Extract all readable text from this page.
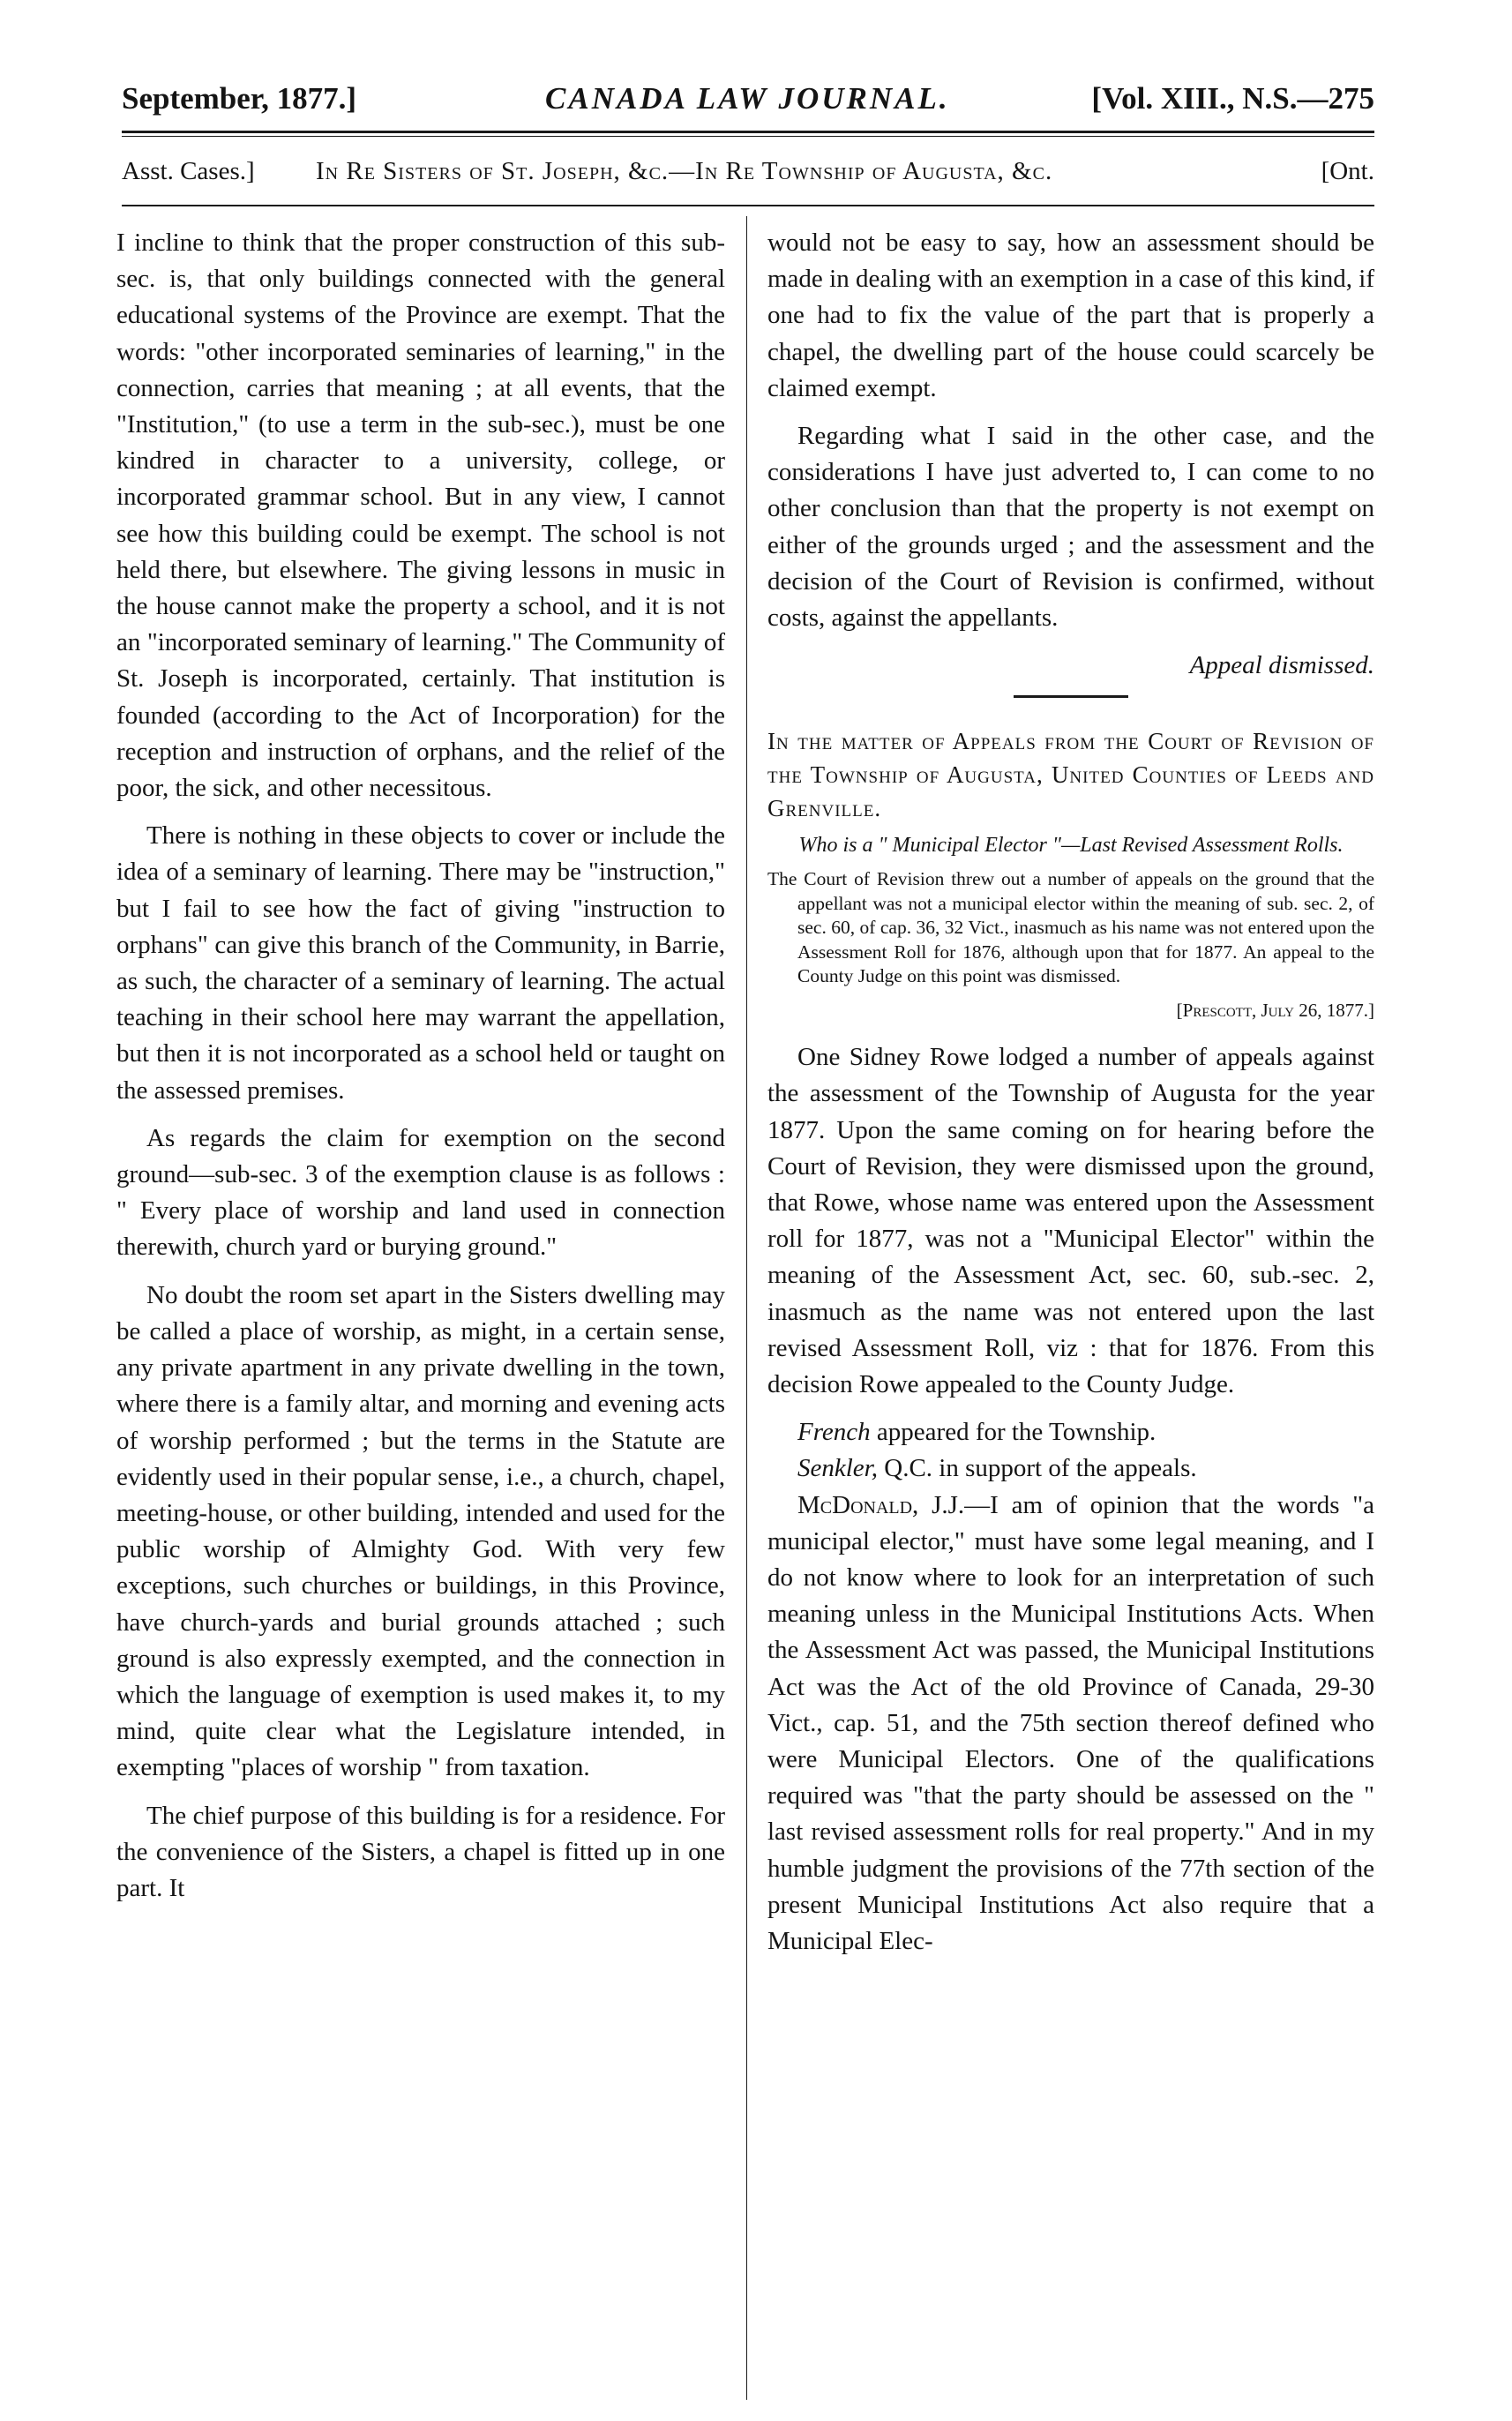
September, 1877.]	CANADA LAW JOURNAL.	[Vol. XIII., N.S.—275
Asst. Cases.] In Re Sisters of St. Joseph, &c.—In Re Township of Augusta, &c.	[Ont.

I incline to think that the proper construction of this sub-sec. is, that only buildings connected with the general educational systems of the Province are exempt. That the words: "other incorporated seminaries of learning," in the connection, carries that meaning ; at all events, that the "Institution," (to use a term in the sub-sec.), must be one kindred in character to a university, college, or incorporated grammar school. But in any view, I cannot see how this building could be exempt. The school is not held there, but elsewhere. The giving lessons in music in the house cannot make the property a school, and it is not an "incorporated seminary of learning." The Community of St. Joseph is incorporated, certainly. That institution is founded (according to the Act of Incorporation) for the reception and instruction of orphans, and the relief of the poor, the sick, and other necessitous.

There is nothing in these objects to cover or include the idea of a seminary of learning. There may be "instruction," but I fail to see how the fact of giving "instruction to orphans" can give this branch of the Community, in Barrie, as such, the character of a seminary of learning. The actual teaching in their school here may warrant the appellation, but then it is not incorporated as a school held or taught on the assessed premises.

As regards the claim for exemption on the second ground—sub-sec. 3 of the exemption clause is as follows : " Every place of worship and land used in connection therewith, church yard or burying ground."

No doubt the room set apart in the Sisters dwelling may be called a place of worship, as might, in a certain sense, any private apartment in any private dwelling in the town, where there is a family altar, and morning and evening acts of worship performed ; but the terms in the Statute are evidently used in their popular sense, i.e., a church, chapel, meeting-house, or other building, intended and used for the public worship of Almighty God. With very few exceptions, such churches or buildings, in this Province, have church-yards and burial grounds attached ; such ground is also expressly exempted, and the connection in which the language of exemption is used makes it, to my mind, quite clear what the Legislature intended, in exempting "places of worship " from taxation.

The chief purpose of this building is for a residence. For the convenience of the Sisters, a chapel is fitted up in one part. It

would not be easy to say, how an assessment should be made in dealing with an exemption in a case of this kind, if one had to fix the value of the part that is properly a chapel, the dwelling part of the house could scarcely be claimed exempt.

Regarding what I said in the other case, and the considerations I have just adverted to, I can come to no other conclusion than that the property is not exempt on either of the grounds urged ; and the assessment and the decision of the Court of Revision is confirmed, without costs, against the appellants.

Appeal dismissed.

In the matter of Appeals from the Court of Revision of the Township of Augusta, United Counties of Leeds and Grenville.
Who is a " Municipal Elector "—Last Revised Assessment Rolls.
The Court of Revision threw out a number of appeals on the ground that the appellant was not a municipal elector within the meaning of sub. sec. 2, of sec. 60, of cap. 36, 32 Vict., inasmuch as his name was not entered upon the Assessment Roll for 1876, although upon that for 1877. An appeal to the County Judge on this point was dismissed.
[Prescott, July 26, 1877.]

One Sidney Rowe lodged a number of appeals against the assessment of the Township of Augusta for the year 1877. Upon the same coming on for hearing before the Court of Revision, they were dismissed upon the ground, that Rowe, whose name was entered upon the Assessment roll for 1877, was not a "Municipal Elector" within the meaning of the Assessment Act, sec. 60, sub.-sec. 2, inasmuch as the name was not entered upon the last revised Assessment Roll, viz : that for 1876. From this decision Rowe appealed to the County Judge.

French appeared for the Township.

Senkler, Q.C. in support of the appeals.

McDonald, J.J.—I am of opinion that the words "a municipal elector," must have some legal meaning, and I do not know where to look for an interpretation of such meaning unless in the Municipal Institutions Acts. When the Assessment Act was passed, the Municipal Institutions Act was the Act of the old Province of Canada, 29-30 Vict., cap. 51, and the 75th section thereof defined who were Municipal Electors. One of the qualifications required was "that the party should be assessed on the " last revised assessment rolls for real property." And in my humble judgment the provisions of the 77th section of the present Municipal Institutions Act also require that a Municipal Elec-
